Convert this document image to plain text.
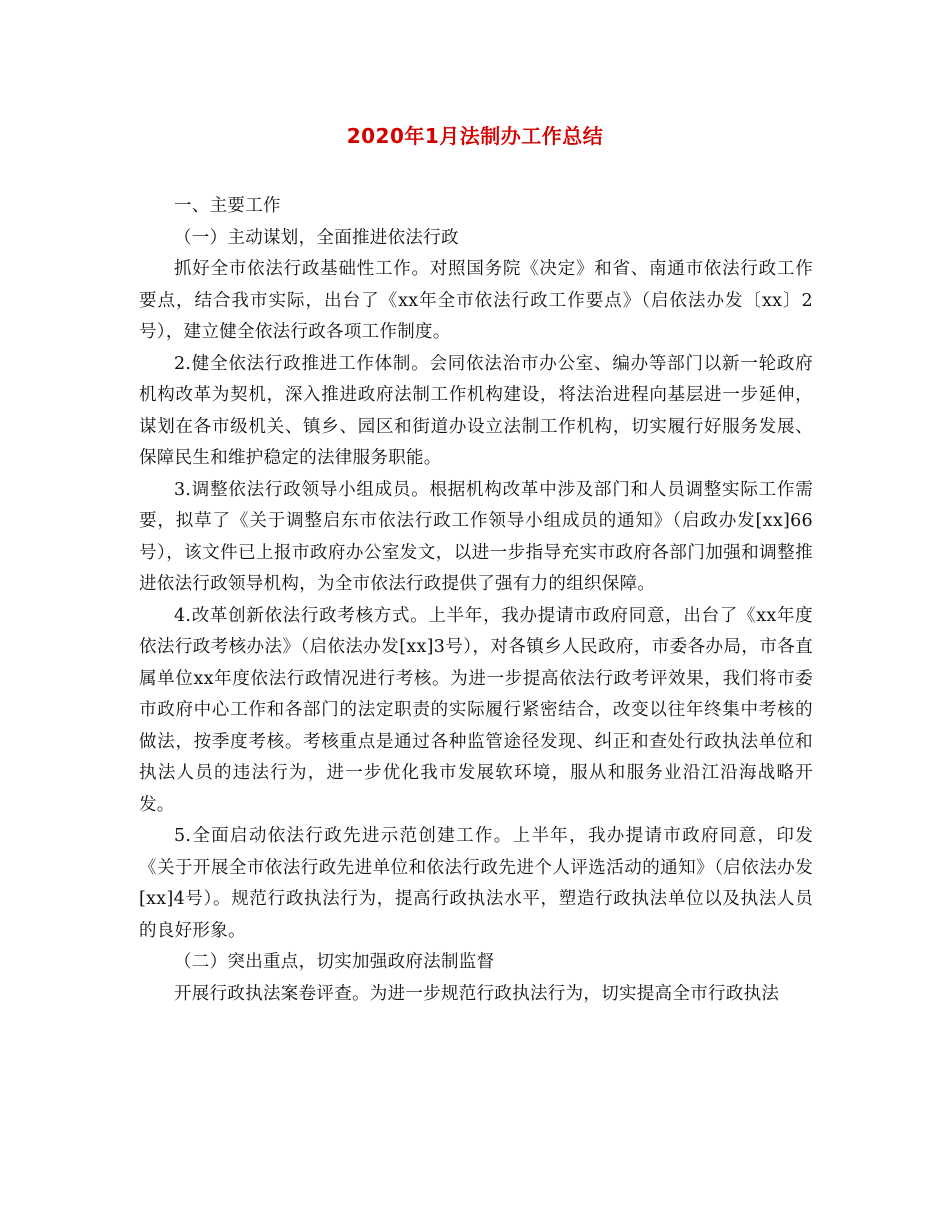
2020年1月法制办工作总结

一、主要工作

（一）主动谋划，全面推进依法行政

抓好全市依法行政基础性工作。对照国务院《决定》和省、南通市依法行政工作要点，结合我市实际，出台了《xx年全市依法行政工作要点》（启依法办发〔xx〕2号），建立健全依法行政各项工作制度。

2.健全依法行政推进工作体制。会同依法治市办公室、编办等部门以新一轮政府机构改革为契机，深入推进政府法制工作机构建设，将法治进程向基层进一步延伸，谋划在各市级机关、镇乡、园区和街道办设立法制工作机构，切实履行好服务发展、保障民生和维护稳定的法律服务职能。

3.调整依法行政领导小组成员。根据机构改革中涉及部门和人员调整实际工作需要，拟草了《关于调整启东市依法行政工作领导小组成员的通知》（启政办发[xx]66号），该文件已上报市政府办公室发文，以进一步指导充实市政府各部门加强和调整推进依法行政领导机构，为全市依法行政提供了强有力的组织保障。

4.改革创新依法行政考核方式。上半年，我办提请市政府同意，出台了《xx年度依法行政考核办法》（启依法办发[xx]3号），对各镇乡人民政府，市委各办局，市各直属单位xx年度依法行政情况进行考核。为进一步提高依法行政考评效果，我们将市委市政府中心工作和各部门的法定职责的实际履行紧密结合，改变以往年终集中考核的做法，按季度考核。考核重点是通过各种监管途径发现、纠正和查处行政执法单位和执法人员的违法行为，进一步优化我市发展软环境，服从和服务业沿江沿海战略开发。

5.全面启动依法行政先进示范创建工作。上半年，我办提请市政府同意，印发《关于开展全市依法行政先进单位和依法行政先进个人评选活动的通知》（启依法办发[xx]4号）。规范行政执法行为，提高行政执法水平，塑造行政执法单位以及执法人员的良好形象。

（二）突出重点，切实加强政府法制监督

开展行政执法案卷评查。为进一步规范行政执法行为，切实提高全市行政执法
